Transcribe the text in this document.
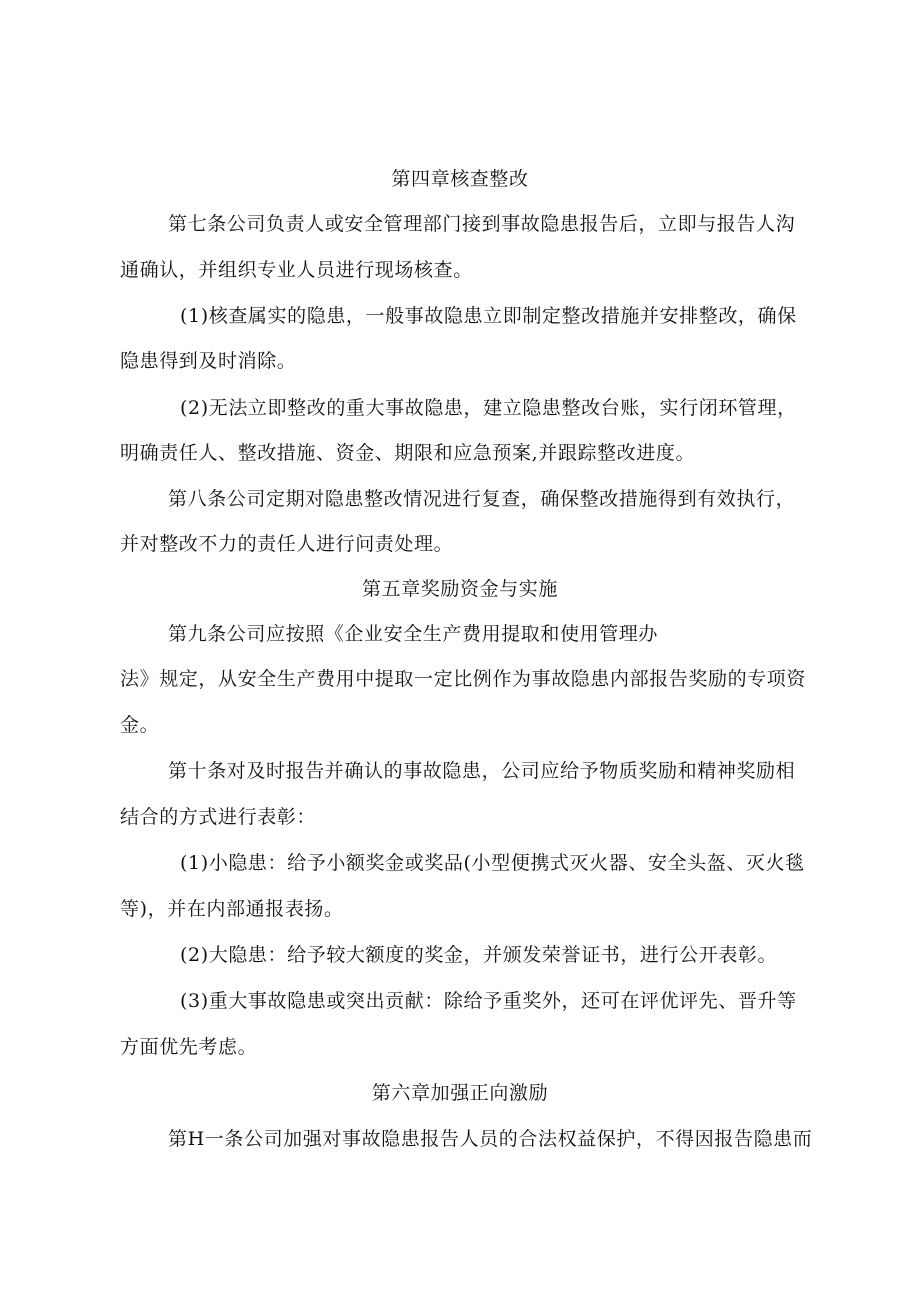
第四章核查整改
第七条公司负责人或安全管理部门接到事故隐患报告后，立即与报告人沟
通确认，并组织专业人员进行现场核查。
(1)核查属实的隐患，一般事故隐患立即制定整改措施并安排整改，确保
隐患得到及时消除。
(2)无法立即整改的重大事故隐患，建立隐患整改台账，实行闭环管理，
明确责任人、整改措施、资金、期限和应急预案,并跟踪整改进度。
第八条公司定期对隐患整改情况进行复查，确保整改措施得到有效执行，
并对整改不力的责任人进行问责处理。
第五章奖励资金与实施
第九条公司应按照《企业安全生产费用提取和使用管理办
法》规定，从安全生产费用中提取一定比例作为事故隐患内部报告奖励的专项资
金。
第十条对及时报告并确认的事故隐患，公司应给予物质奖励和精神奖励相
结合的方式进行表彰：
(1)小隐患：给予小额奖金或奖品(小型便携式灭火器、安全头盔、灭火毯
等)，并在内部通报表扬。
(2)大隐患：给予较大额度的奖金，并颁发荣誉证书，进行公开表彰。
(3)重大事故隐患或突出贡献：除给予重奖外，还可在评优评先、晋升等
方面优先考虑。
第六章加强正向激励
第H一条公司加强对事故隐患报告人员的合法权益保护，不得因报告隐患而
